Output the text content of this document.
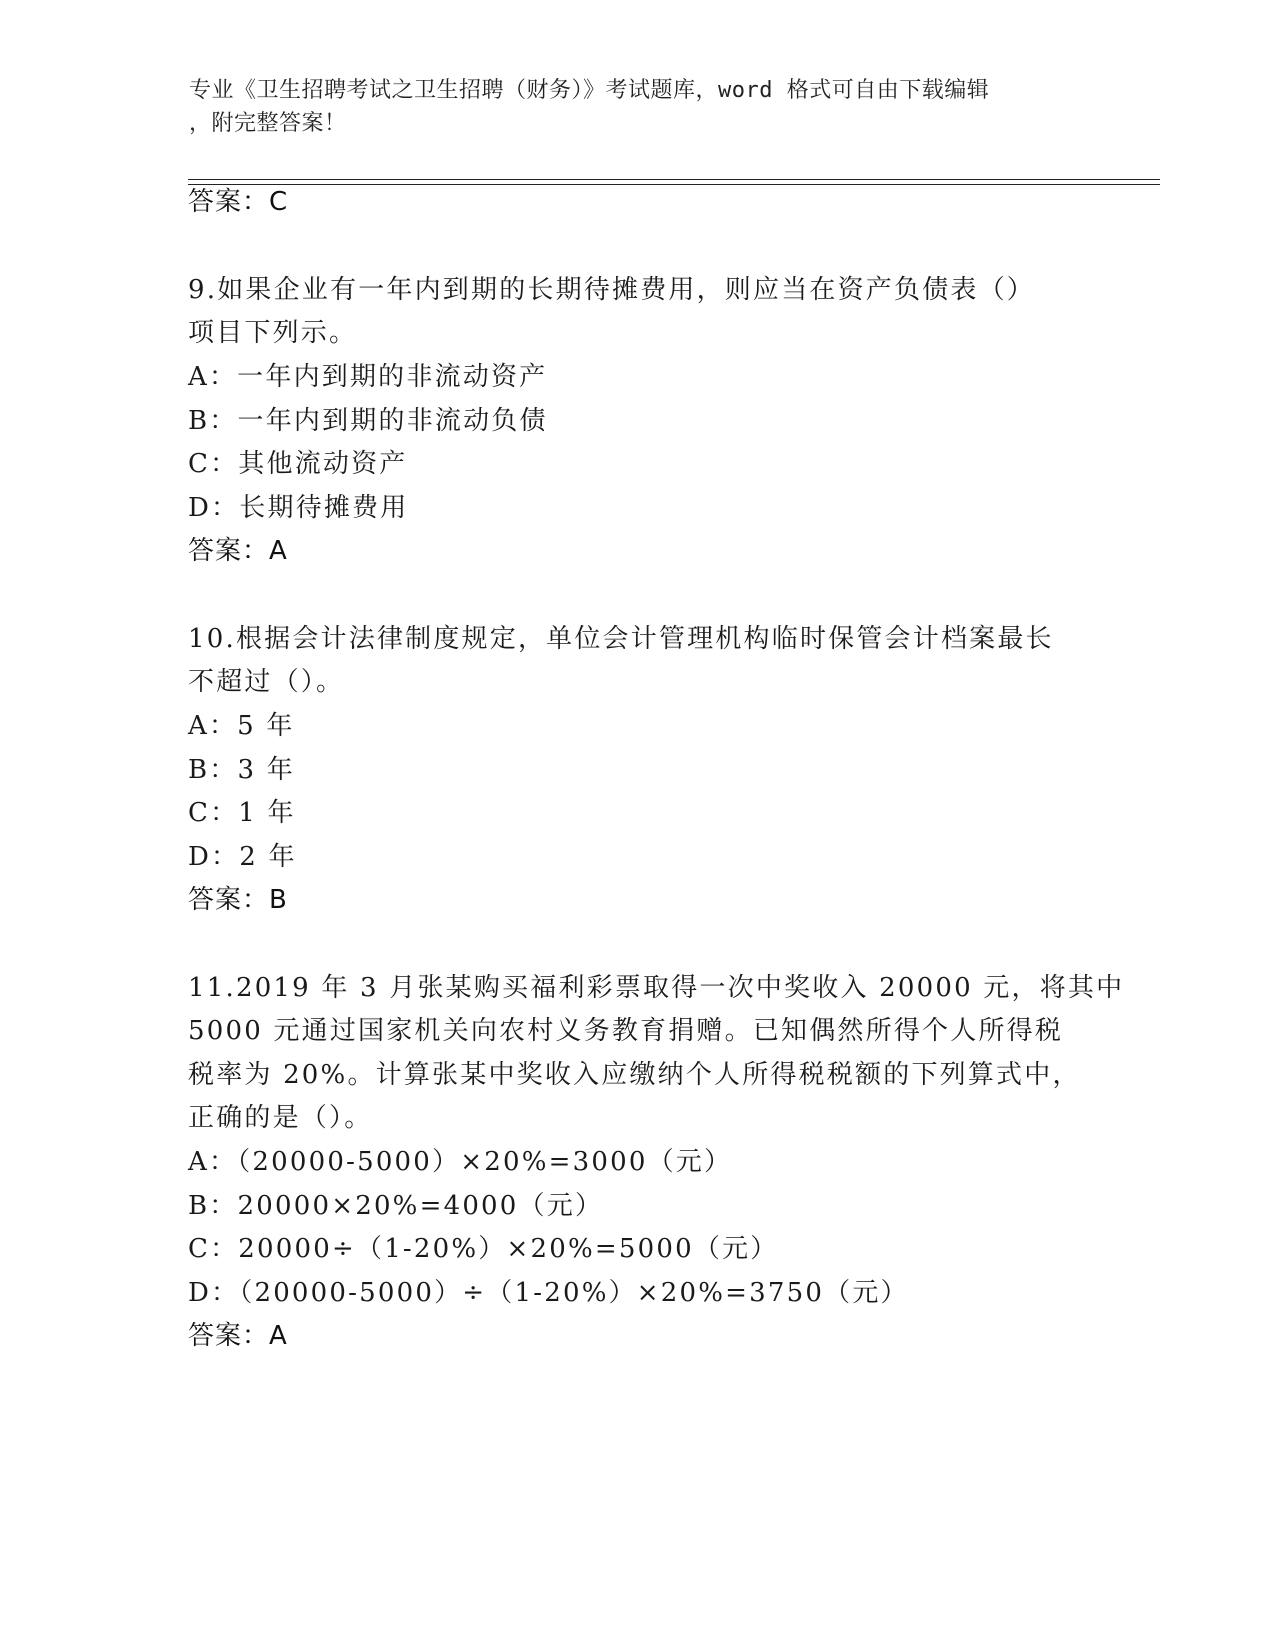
专业《卫生招聘考试之卫生招聘（财务）》考试题库，word 格式可自由下载编辑
，附完整答案！
答案：C
9.如果企业有一年内到期的长期待摊费用，则应当在资产负债表（）
项目下列示。
A：一年内到期的非流动资产
B：一年内到期的非流动负债
C：其他流动资产
D：长期待摊费用
答案：A
10.根据会计法律制度规定，单位会计管理机构临时保管会计档案最长
不超过（）。
A：5 年
B：3 年
C：1 年
D：2 年
答案：B
11.2019 年 3 月张某购买福利彩票取得一次中奖收入 20000 元，将其中
5000 元通过国家机关向农村义务教育捐赠。已知偶然所得个人所得税
税率为 20%。计算张某中奖收入应缴纳个人所得税税额的下列算式中，
正确的是（）。
A：（20000-5000）×20%=3000（元）
B：20000×20%=4000（元）
C：20000÷（1-20%）×20%=5000（元）
D：（20000-5000）÷（1-20%）×20%=3750（元）
答案：A
